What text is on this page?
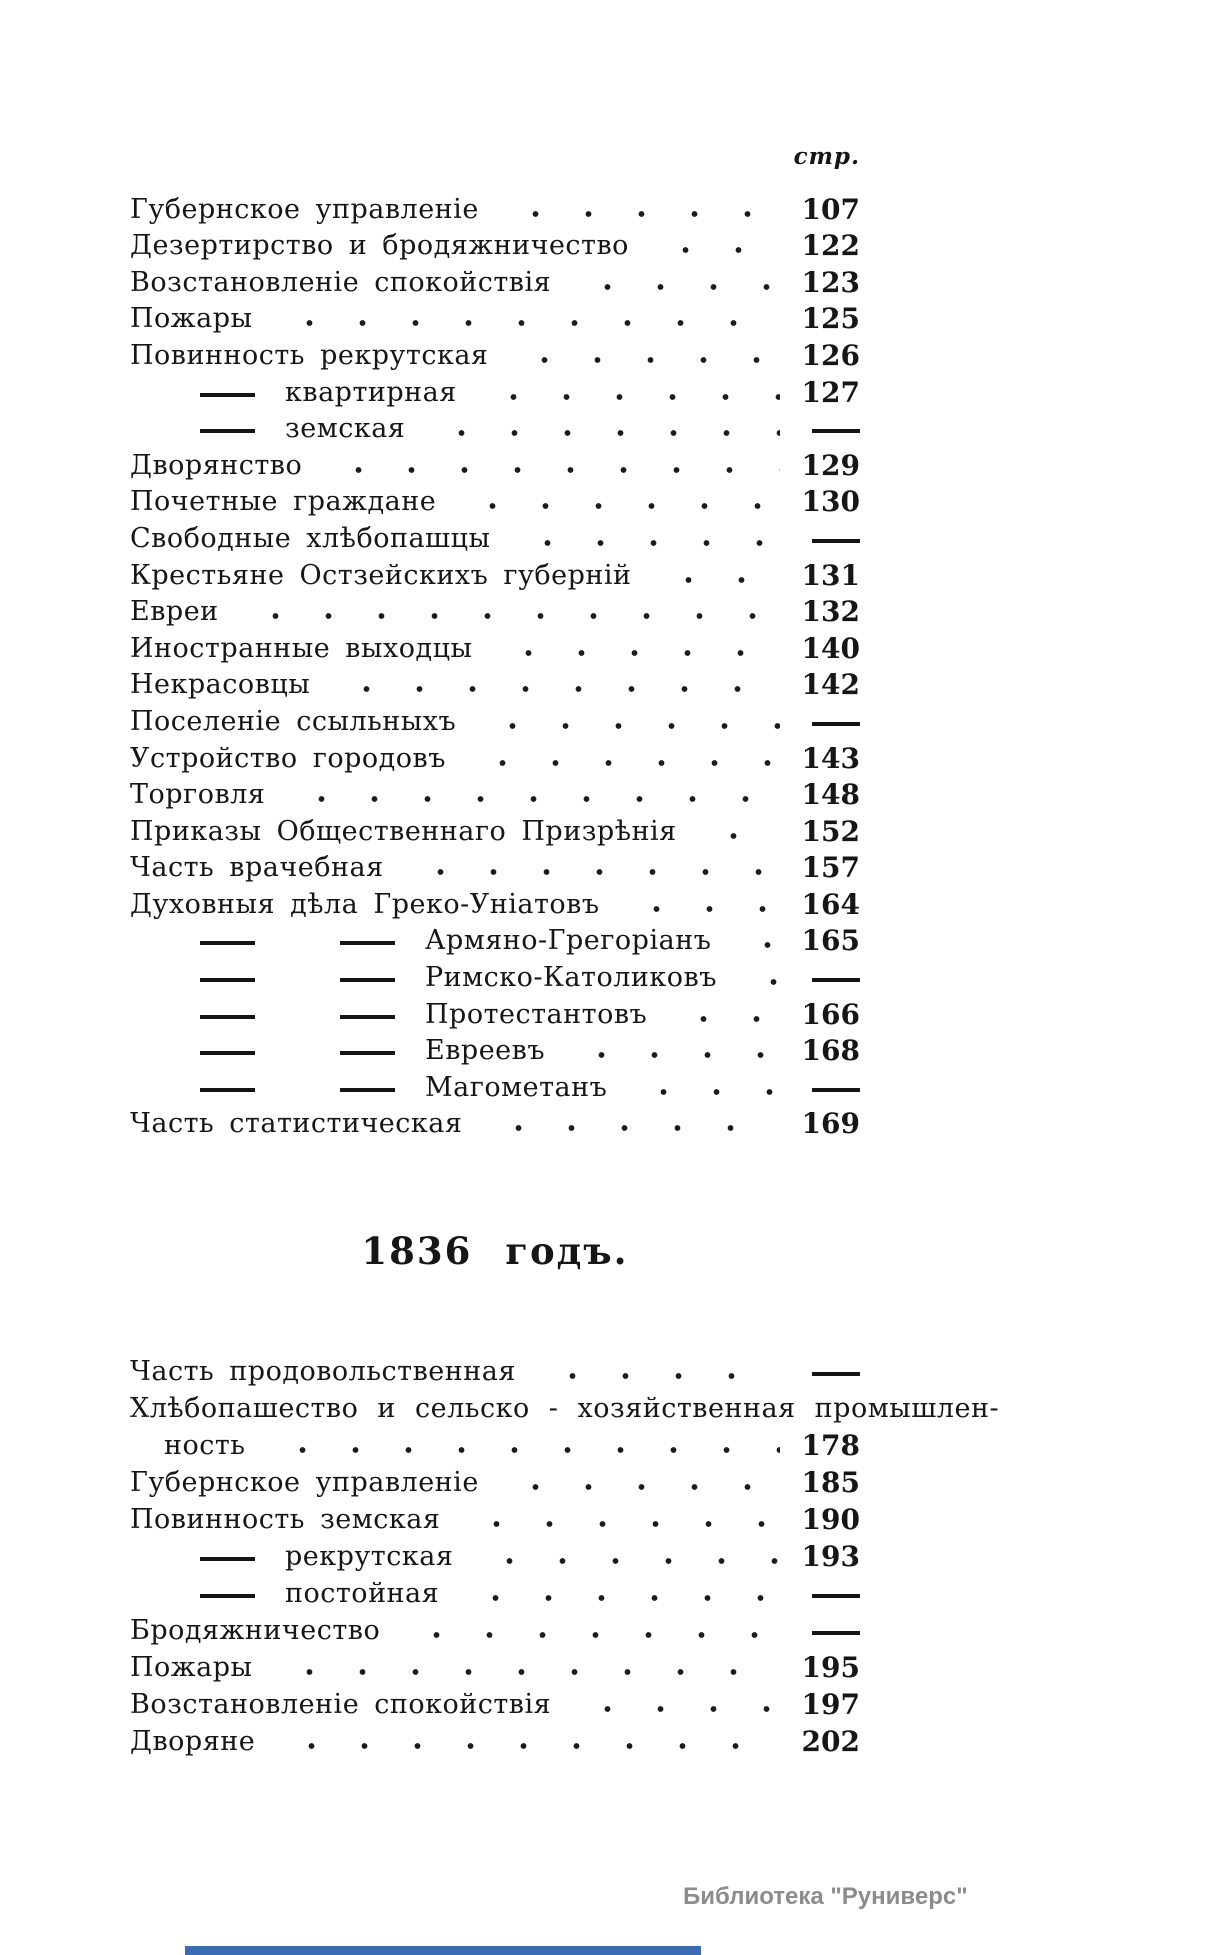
стр.
Губернское управленіе	107
Дезертирство и бродяжничество	122
Возстановленіе спокойствія	123
Пожары	125
Повинность рекрутская	126
квартирная	127
земская
Дворянство	129
Почетные граждане	130
Свободные хлѣбопашцы
Крестьяне Остзейскихъ губерній	131
Евреи	132
Иностранные выходцы	140
Некрасовцы	142
Поселеніе ссыльныхъ
Устройство городовъ	143
Торговля	148
Приказы Общественнаго Призрѣнія	152
Часть врачебная	157
Духовныя дѣла Греко-Уніатовъ	164
Армяно-Грегоріанъ	165
Римско-Католиковъ
Протестантовъ	166
Евреевъ	168
Магометанъ
Часть статистическая	169
1836 годъ.
Часть продовольственная
Хлѣбопашество и сельско - хозяйственная промышлен-
ность	178
Губернское управленіе	185
Повинность земская	190
рекрутская	193
постойная
Бродяжничество
Пожары	195
Возстановленіе спокойствія	197
Дворяне	202
Библиотека "Руниверс"
